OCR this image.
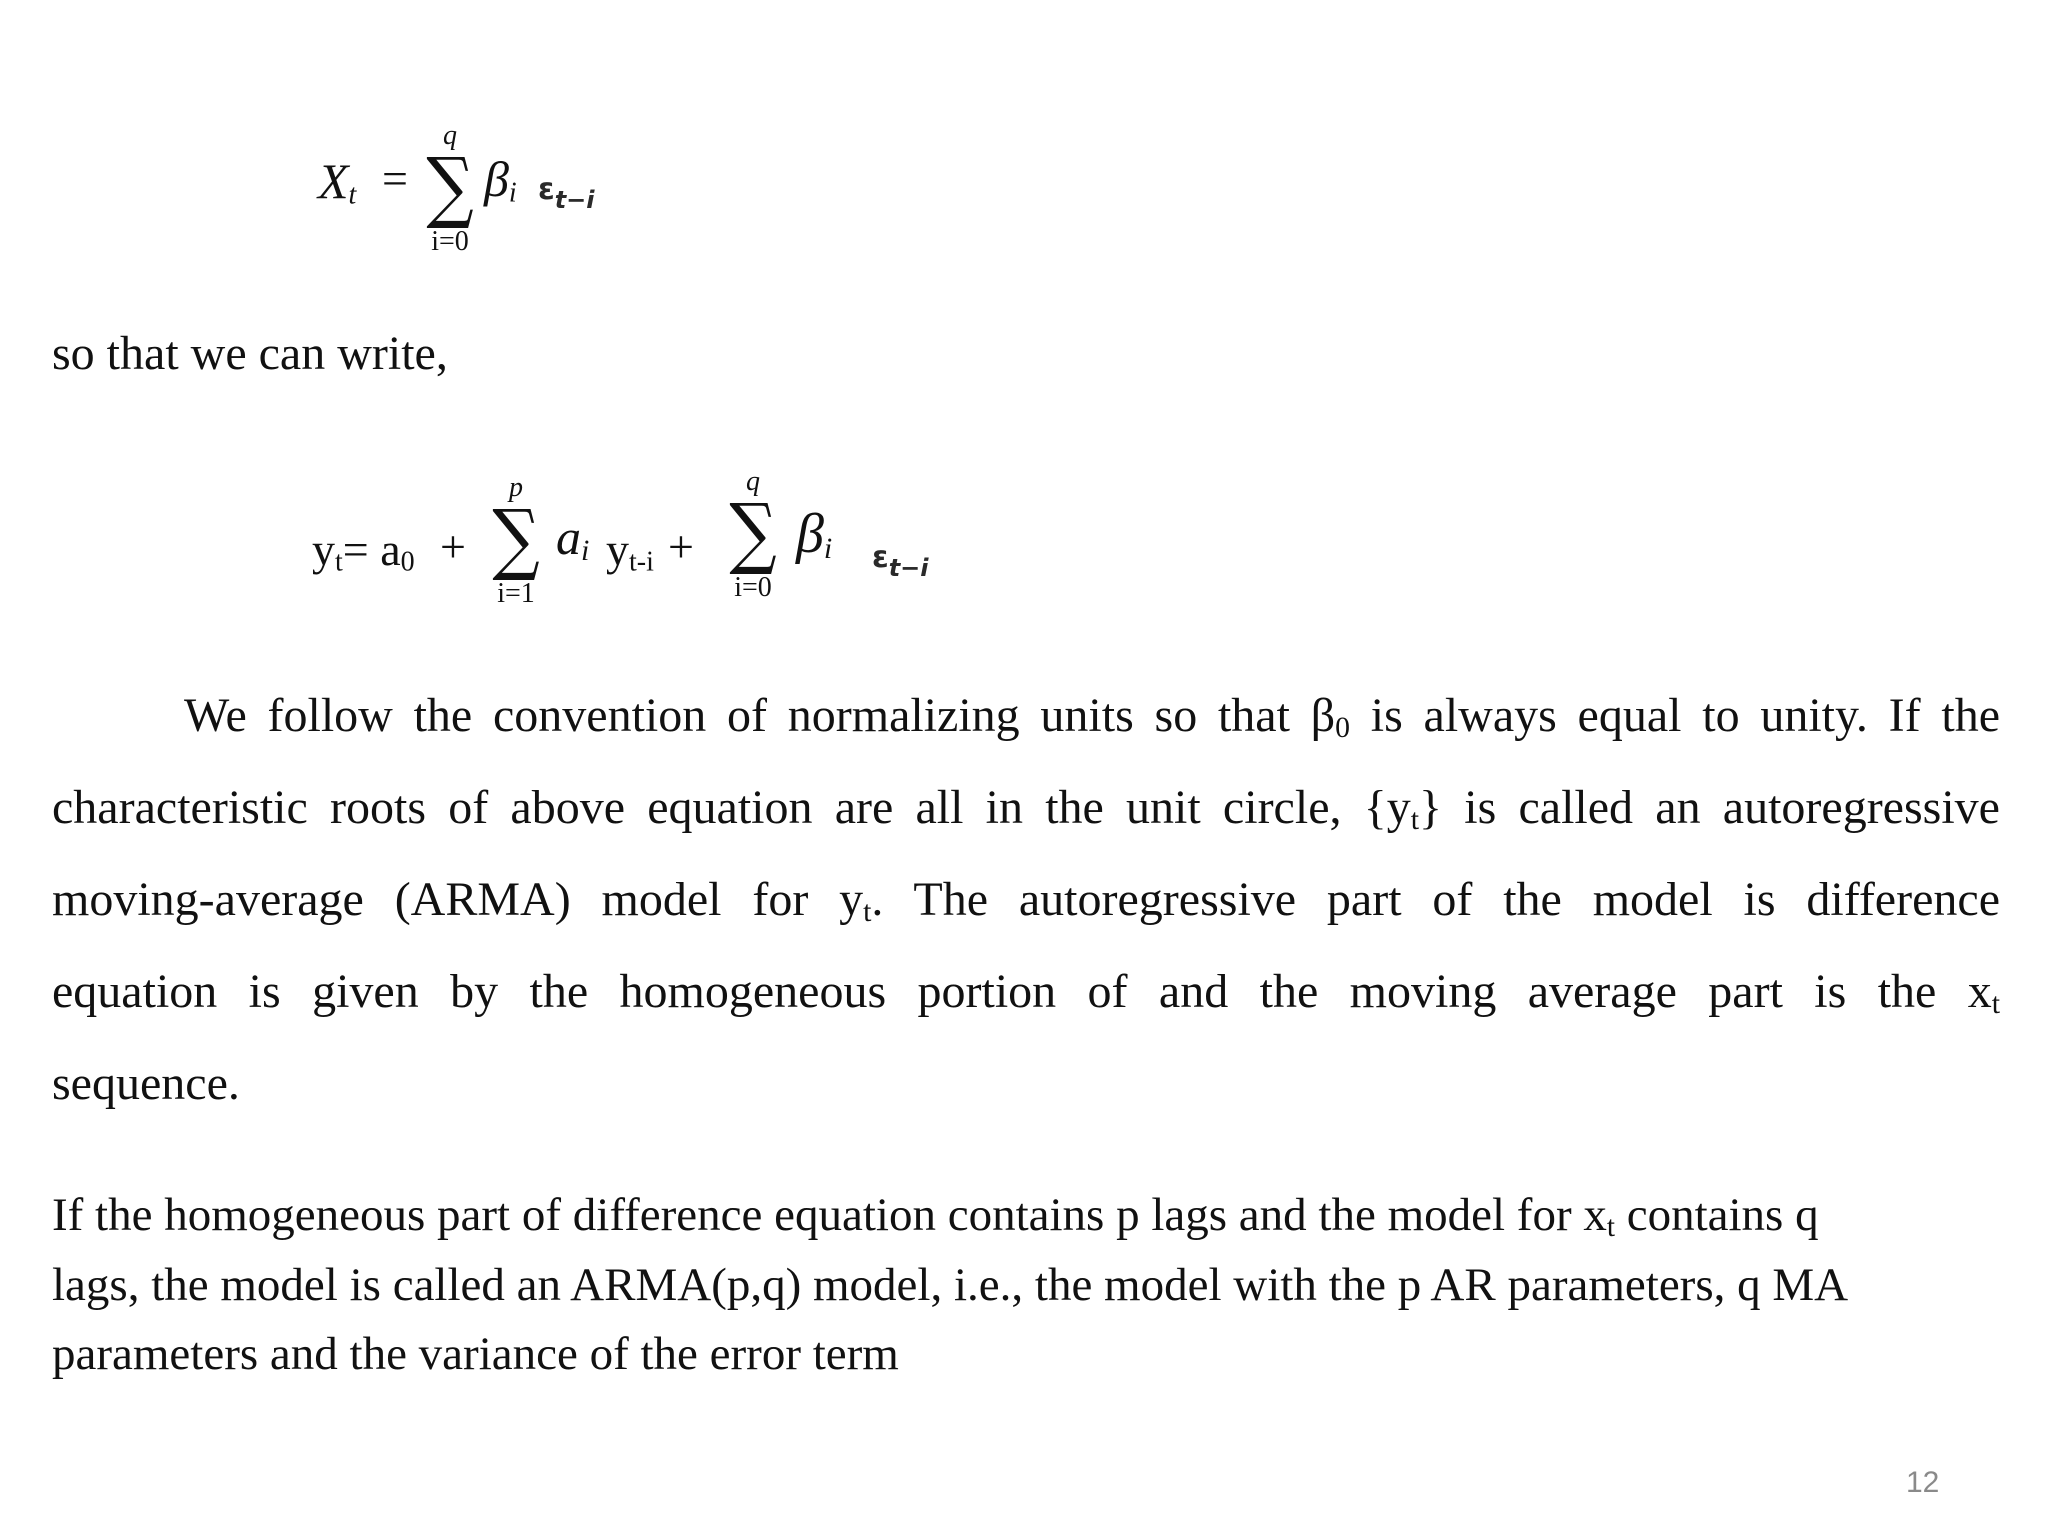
$X_t$ =
q
∑
i=0
$\beta_i$ $\varepsilon_{t-i}$
so that we can write,
$y_t= a_0$ +
p
∑
i=1
$a_i$ $y_{t-i}$ +
q
∑
i=0
$\beta_i$ $\varepsilon_{t-i}$
We follow the convention of normalizing units so that $\beta_0$ is always equal to unity. If the
characteristic roots of above equation are all in the unit circle, $\{y_t\}$ is called an autoregressive
moving-average (ARMA) model for $y_t$. The autoregressive part of the model is difference
equation is given by the homogeneous portion of and the moving average part is the $x_t$
sequence.
If the homogeneous part of difference equation contains p lags and the model for $x_t$ contains q
lags, the model is called an ARMA(p,q) model, i.e., the model with the p AR parameters, q MA
parameters and the variance of the error term
12
